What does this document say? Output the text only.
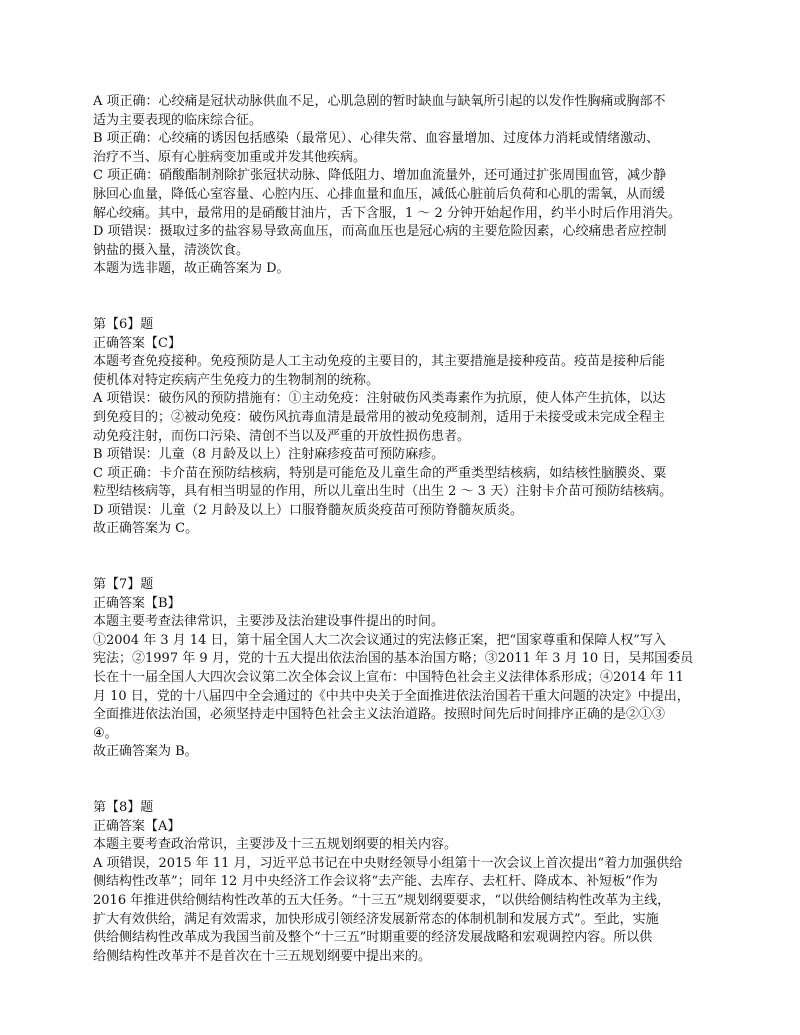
A 项正确：心绞痛是冠状动脉供血不足，心肌急剧的暂时缺血与缺氧所引起的以发作性胸痛或胸部不
适为主要表现的临床综合征。
B 项正确：心绞痛的诱因包括感染（最常见）、心律失常、血容量增加、过度体力消耗或情绪激动、
治疗不当、原有心脏病变加重或并发其他疾病。
C 项正确：硝酸酯制剂除扩张冠状动脉、降低阻力、增加血流量外，还可通过扩张周围血管，减少静
脉回心血量，降低心室容量、心腔内压、心排血量和血压，减低心脏前后负荷和心肌的需氧，从而缓
解心绞痛。其中，最常用的是硝酸甘油片，舌下含服，1 ～ 2 分钟开始起作用，约半小时后作用消失。
D 项错误：摄取过多的盐容易导致高血压，而高血压也是冠心病的主要危险因素，心绞痛患者应控制
钠盐的摄入量，清淡饮食。
本题为选非题，故正确答案为 D。
第【6】题
正确答案【C】
本题考查免疫接种。免疫预防是人工主动免疫的主要目的，其主要措施是接种疫苗。疫苗是接种后能
使机体对特定疾病产生免疫力的生物制剂的统称。
A 项错误：破伤风的预防措施有：①主动免疫：注射破伤风类毒素作为抗原，使人体产生抗体，以达
到免疫目的；②被动免疫：破伤风抗毒血清是最常用的被动免疫制剂，适用于未接受或未完成全程主
动免疫注射，而伤口污染、清创不当以及严重的开放性损伤患者。
B 项错误：儿童（8 月龄及以上）注射麻疹疫苗可预防麻疹。
C 项正确：卡介苗在预防结核病，特别是可能危及儿童生命的严重类型结核病，如结核性脑膜炎、粟
粒型结核病等，具有相当明显的作用，所以儿童出生时（出生 2 ～ 3 天）注射卡介苗可预防结核病。
D 项错误：儿童（2 月龄及以上）口服脊髓灰质炎疫苗可预防脊髓灰质炎。
故正确答案为 C。
第【7】题
正确答案【B】
本题主要考查法律常识，主要涉及法治建设事件提出的时间。
①2004 年 3 月 14 日，第十届全国人大二次会议通过的宪法修正案，把“国家尊重和保障人权”写入
宪法；②1997 年 9 月，党的十五大提出依法治国的基本治国方略；③2011 年 3 月 10 日，吴邦国委员
长在十一届全国人大四次会议第二次全体会议上宣布：中国特色社会主义法律体系形成；④2014 年 11
月 10 日，党的十八届四中全会通过的《中共中央关于全面推进依法治国若干重大问题的决定》中提出，
全面推进依法治国，必须坚持走中国特色社会主义法治道路。按照时间先后时间排序正确的是②①③
④。
故正确答案为 B。
第【8】题
正确答案【A】
本题主要考查政治常识，主要涉及十三五规划纲要的相关内容。
A 项错误，2015 年 11 月，习近平总书记在中央财经领导小组第十一次会议上首次提出“着力加强供给
侧结构性改革”；同年 12 月中央经济工作会议将“去产能、去库存、去杠杆、降成本、补短板”作为
2016 年推进供给侧结构性改革的五大任务。“十三五”规划纲要要求，“以供给侧结构性改革为主线，
扩大有效供给，满足有效需求，加快形成引领经济发展新常态的体制机制和发展方式”。至此，实施
供给侧结构性改革成为我国当前及整个“十三五”时期重要的经济发展战略和宏观调控内容。所以供
给侧结构性改革并不是首次在十三五规划纲要中提出来的。
